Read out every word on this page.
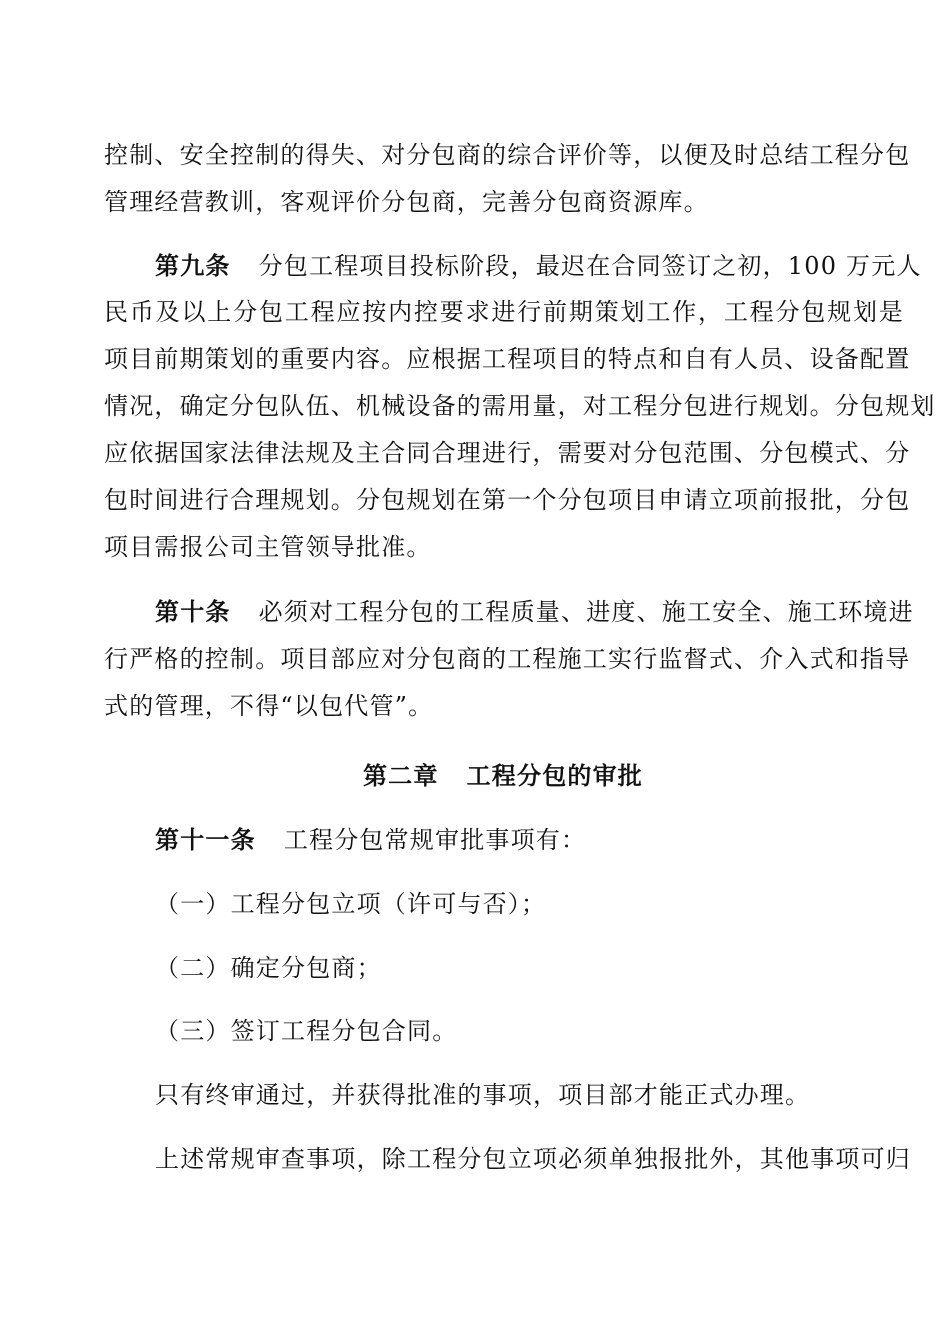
控制、安全控制的得失、对分包商的综合评价等，以便及时总结工程分包
管理经营教训，客观评价分包商，完善分包商资源库。
第九条 分包工程项目投标阶段，最迟在合同签订之初，100 万元人
民币及以上分包工程应按内控要求进行前期策划工作，工程分包规划是
项目前期策划的重要内容。应根据工程项目的特点和自有人员、设备配置
情况，确定分包队伍、机械设备的需用量，对工程分包进行规划。分包规划
应依据国家法律法规及主合同合理进行，需要对分包范围、分包模式、分
包时间进行合理规划。分包规划在第一个分包项目申请立项前报批，分包
项目需报公司主管领导批准。
第十条 必须对工程分包的工程质量、进度、施工安全、施工环境进
行严格的控制。项目部应对分包商的工程施工实行监督式、介入式和指导
式的管理，不得“以包代管”。
第二章 工程分包的审批
第十一条 工程分包常规审批事项有：
（一）工程分包立项（许可与否）；
（二）确定分包商；
（三）签订工程分包合同。
只有终审通过，并获得批准的事项，项目部才能正式办理。
上述常规审查事项，除工程分包立项必须单独报批外，其他事项可归
